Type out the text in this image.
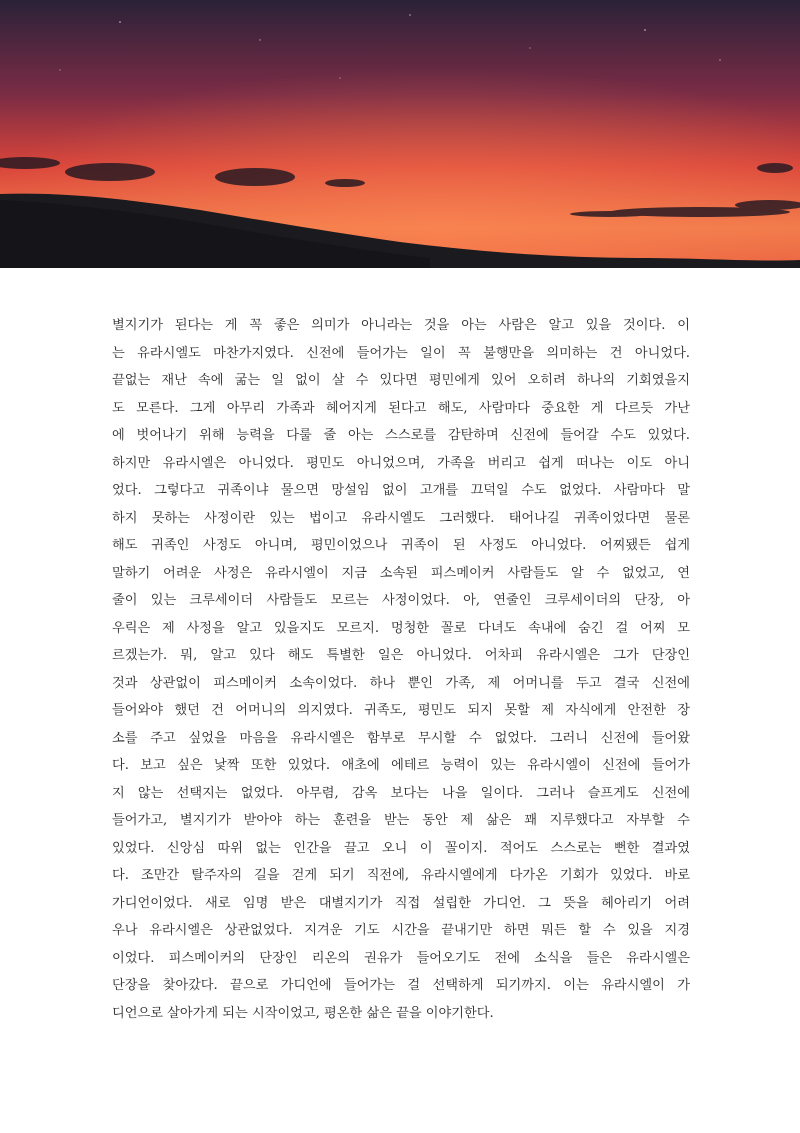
별지기가 된다는 게 꼭 좋은 의미가 아니라는 것을 아는 사람은 알고 있을 것이다. 이
는 유라시엘도 마찬가지였다. 신전에 들어가는 일이 꼭 불행만을 의미하는 건 아니었다.
끝없는 재난 속에 굶는 일 없이 살 수 있다면 평민에게 있어 오히려 하나의 기회였을지
도 모른다. 그게 아무리 가족과 헤어지게 된다고 해도, 사람마다 중요한 게 다르듯 가난
에 벗어나기 위해 능력을 다룰 줄 아는 스스로를 감탄하며 신전에 들어갈 수도 있었다.
하지만 유라시엘은 아니었다. 평민도 아니었으며, 가족을 버리고 쉽게 떠나는 이도 아니
었다. 그렇다고 귀족이냐 물으면 망설임 없이 고개를 끄덕일 수도 없었다. 사람마다 말
하지 못하는 사정이란 있는 법이고 유라시엘도 그러했다. 태어나길 귀족이었다면 물론
해도 귀족인 사정도 아니며, 평민이었으나 귀족이 된 사정도 아니었다. 어찌됐든 쉽게
말하기 어려운 사정은 유라시엘이 지금 소속된 피스메이커 사람들도 알 수 없었고, 연
줄이 있는 크루세이더 사람들도 모르는 사정이었다. 아, 연줄인 크루세이더의 단장, 아
우릭은 제 사정을 알고 있을지도 모르지. 멍청한 꼴로 다녀도 속내에 숨긴 걸 어찌 모
르겠는가. 뭐, 알고 있다 해도 특별한 일은 아니었다. 어차피 유라시엘은 그가 단장인
것과 상관없이 피스메이커 소속이었다. 하나 뿐인 가족, 제 어머니를 두고 결국 신전에
들어와야 했던 건 어머니의 의지였다. 귀족도, 평민도 되지 못할 제 자식에게 안전한 장
소를 주고 싶었을 마음을 유라시엘은 함부로 무시할 수 없었다. 그러니 신전에 들어왔
다. 보고 싶은 낯짝 또한 있었다. 애초에 에테르 능력이 있는 유라시엘이 신전에 들어가
지 않는 선택지는 없었다. 아무렴, 감옥 보다는 나을 일이다. 그러나 슬프게도 신전에
들어가고, 별지기가 받아야 하는 훈련을 받는 동안 제 삶은 꽤 지루했다고 자부할 수
있었다. 신앙심 따위 없는 인간을 끌고 오니 이 꼴이지. 적어도 스스로는 뻔한 결과였
다. 조만간 탈주자의 길을 걷게 되기 직전에, 유라시엘에게 다가온 기회가 있었다. 바로
가디언이었다. 새로 임명 받은 대별지기가 직접 설립한 가디언. 그 뜻을 헤아리기 어려
우나 유라시엘은 상관없었다. 지겨운 기도 시간을 끝내기만 하면 뭐든 할 수 있을 지경
이었다. 피스메이커의 단장인 리온의 권유가 들어오기도 전에 소식을 들은 유라시엘은
단장을 찾아갔다. 끝으로 가디언에 들어가는 걸 선택하게 되기까지. 이는 유라시엘이 가
디언으로 살아가게 되는 시작이었고, 평온한 삶은 끝을 이야기한다.
